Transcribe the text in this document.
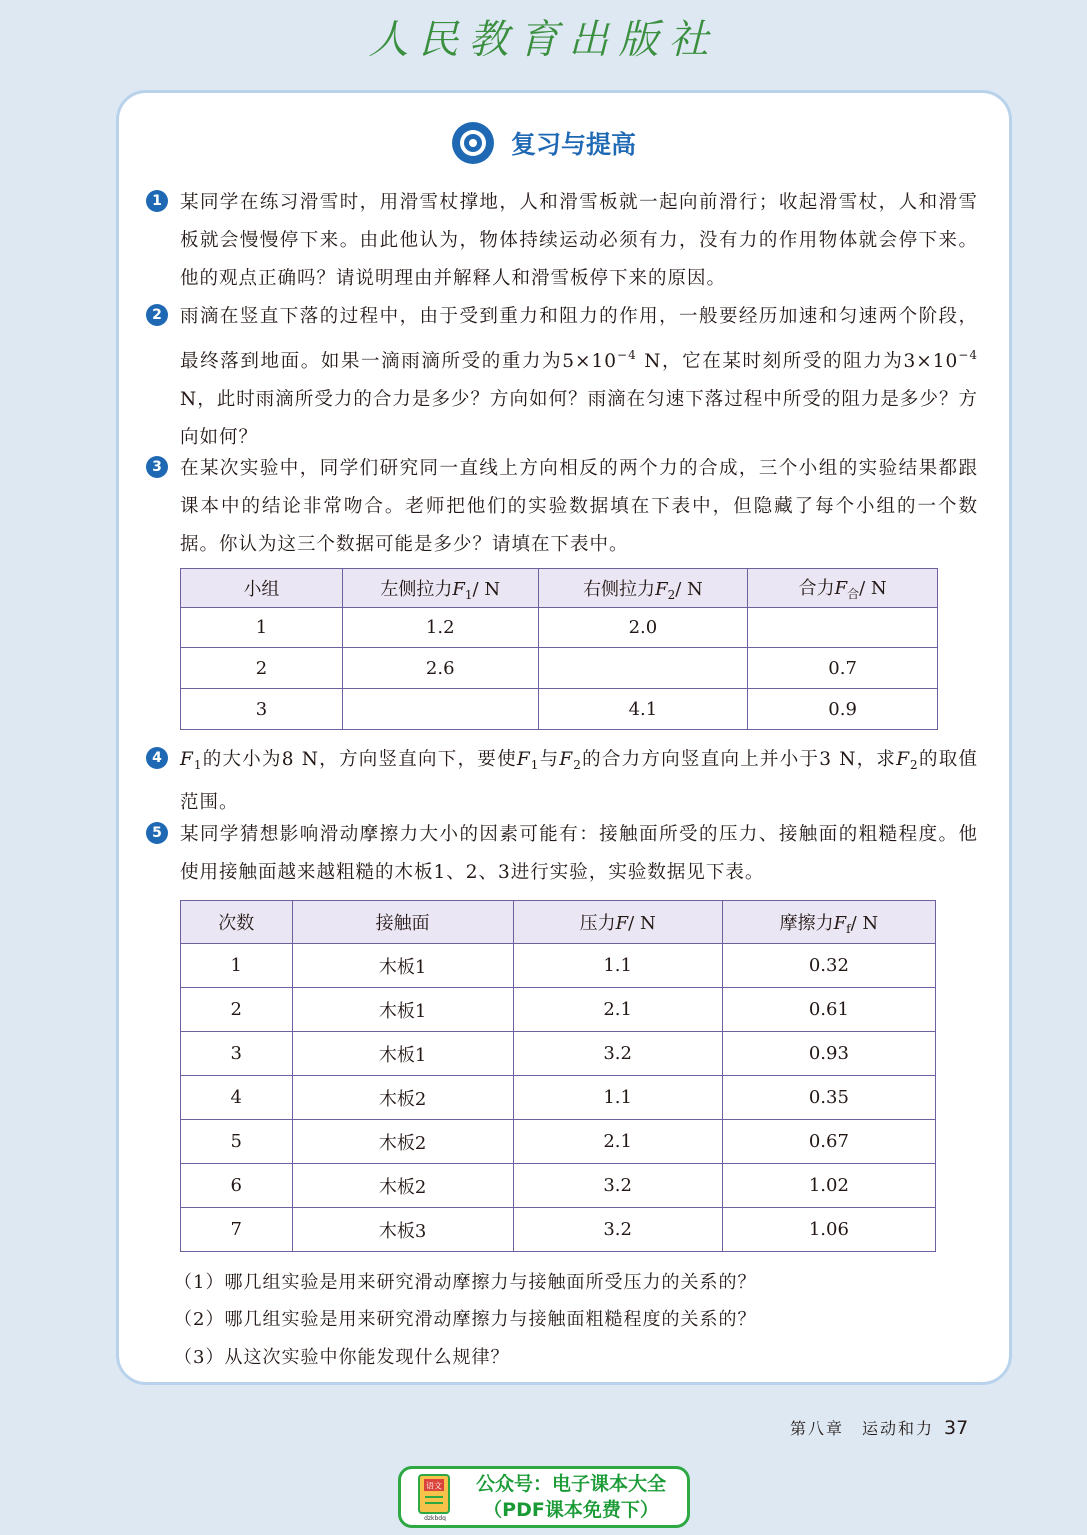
人民教育出版社
复习与提高
1 某同学在练习滑雪时，用滑雪杖撑地，人和滑雪板就一起向前滑行；收起滑雪杖，人和滑雪板就会慢慢停下来。由此他认为，物体持续运动必须有力，没有力的作用物体就会停下来。他的观点正确吗？请说明理由并解释人和滑雪板停下来的原因。
2 雨滴在竖直下落的过程中，由于受到重力和阻力的作用，一般要经历加速和匀速两个阶段，最终落到地面。如果一滴雨滴所受的重力为$5\times 10^{-4}$ N，它在某时刻所受的阻力为$3\times 10^{-4}$ N，此时雨滴所受力的合力是多少？方向如何？雨滴在匀速下落过程中所受的阻力是多少？方向如何？
3 在某次实验中，同学们研究同一直线上方向相反的两个力的合成，三个小组的实验结果都跟课本中的结论非常吻合。老师把他们的实验数据填在下表中，但隐藏了每个小组的一个数据。你认为这三个数据可能是多少？请填在下表中。
小组	左侧拉力$F_1/$ N	右侧拉力$F_2/$ N	合力$F_合/$ N
1	1.2	2.0	
2	2.6		0.7
3		4.1	0.9
4 $F_1$的大小为8 N，方向竖直向下，要使$F_1$与$F_2$的合力方向竖直向上并小于3 N，求$F_2$的取值范围。
5 某同学猜想影响滑动摩擦力大小的因素可能有：接触面所受的压力、接触面的粗糙程度。他使用接触面越来越粗糙的木板1、2、3进行实验，实验数据见下表。
次数	接触面	压力F/ N	摩擦力$F_f/$ N
1	木板1	1.1	0.32
2	木板1	2.1	0.61
3	木板1	3.2	0.93
4	木板2	1.1	0.35
5	木板2	2.1	0.67
6	木板2	3.2	1.02
7	木板3	3.2	1.06
（1）哪几组实验是用来研究滑动摩擦力与接触面所受压力的关系的？
（2）哪几组实验是用来研究滑动摩擦力与接触面粗糙程度的关系的？
（3）从这次实验中你能发现什么规律？
第八章　运动和力 37
语文
dzkbdq
公众号：电子课本大全
（PDF课本免费下）
